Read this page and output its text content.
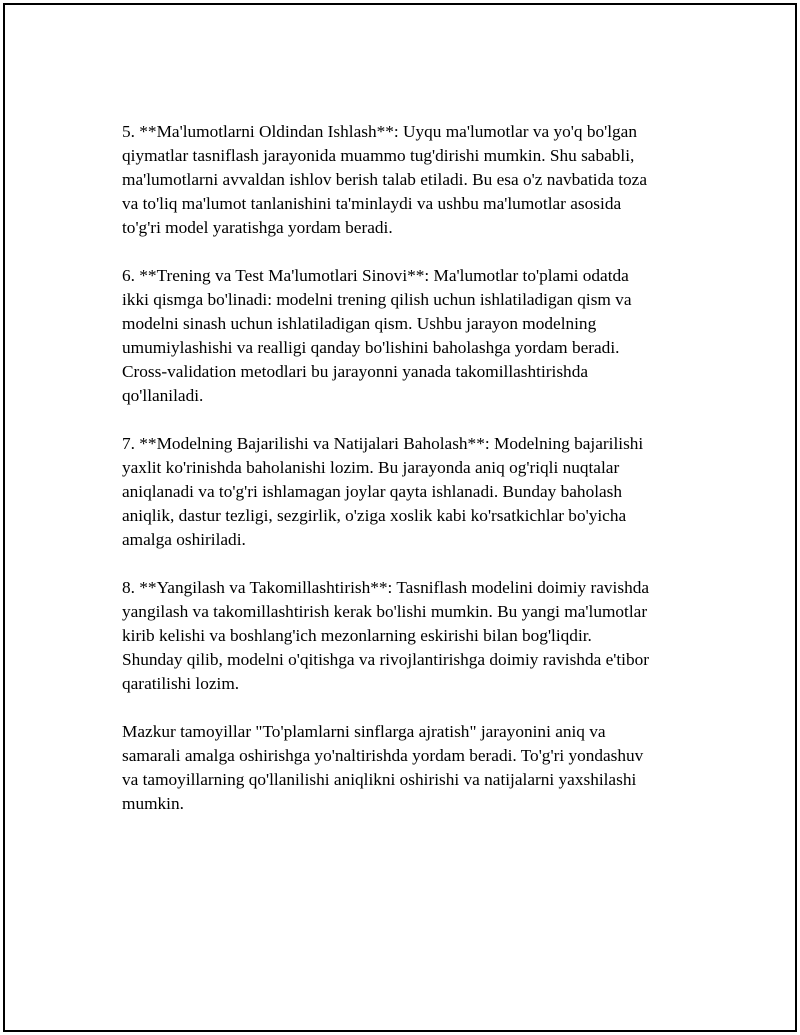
5. **Ma'lumotlarni Oldindan Ishlash**: Uyqu ma'lumotlar va yo'q bo'lgan
qiymatlar tasniflash jarayonida muammo tug'dirishi mumkin. Shu sababli,
ma'lumotlarni avvaldan ishlov berish talab etiladi. Bu esa o'z navbatida toza
va to'liq ma'lumot tanlanishini ta'minlaydi va ushbu ma'lumotlar asosida
to'g'ri model yaratishga yordam beradi.

6. **Trening va Test Ma'lumotlari Sinovi**: Ma'lumotlar to'plami odatda
ikki qismga bo'linadi: modelni trening qilish uchun ishlatiladigan qism va
modelni sinash uchun ishlatiladigan qism. Ushbu jarayon modelning
umumiylashishi va realligi qanday bo'lishini baholashga yordam beradi.
Cross-validation metodlari bu jarayonni yanada takomillashtirishda
qo'llaniladi.

7. **Modelning Bajarilishi va Natijalari Baholash**: Modelning bajarilishi
yaxlit ko'rinishda baholanishi lozim. Bu jarayonda aniq og'riqli nuqtalar
aniqlanadi va to'g'ri ishlamagan joylar qayta ishlanadi. Bunday baholash
aniqlik, dastur tezligi, sezgirlik, o'ziga xoslik kabi ko'rsatkichlar bo'yicha
amalga oshiriladi.

8. **Yangilash va Takomillashtirish**: Tasniflash modelini doimiy ravishda
yangilash va takomillashtirish kerak bo'lishi mumkin. Bu yangi ma'lumotlar
kirib kelishi va boshlang'ich mezonlarning eskirishi bilan bog'liqdir.
Shunday qilib, modelni o'qitishga va rivojlantirishga doimiy ravishda e'tibor
qaratilishi lozim.

Mazkur tamoyillar "To'plamlarni sinflarga ajratish" jarayonini aniq va
samarali amalga oshirishga yo'naltirishda yordam beradi. To'g'ri yondashuv
va tamoyillarning qo'llanilishi aniqlikni oshirishi va natijalarni yaxshilashi
mumkin.
